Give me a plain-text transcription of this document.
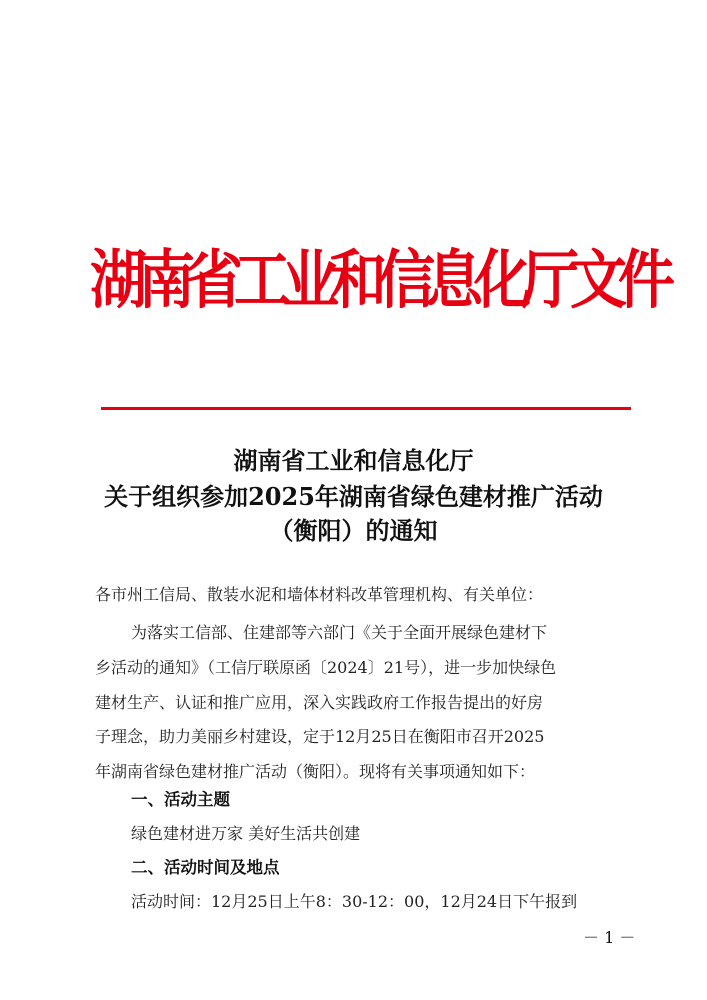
湖南省工业和信息化厅文件
湖南省工业和信息化厅
关于组织参加2025年湖南省绿色建材推广活动
（衡阳）的通知
各市州工信局、散装水泥和墙体材料改革管理机构、有关单位：
为落实工信部、住建部等六部门《关于全面开展绿色建材下
乡活动的通知》（工信厅联原函〔2024〕21号），进一步加快绿色
建材生产、认证和推广应用，深入实践政府工作报告提出的好房
子理念，助力美丽乡村建设，定于12月25日在衡阳市召开2025
年湖南省绿色建材推广活动（衡阳）。现将有关事项通知如下：
一、活动主题
绿色建材进万家 美好生活共创建
二、活动时间及地点
活动时间：12月25日上午8：30-12：00，12月24日下午报到
－ 1 －
